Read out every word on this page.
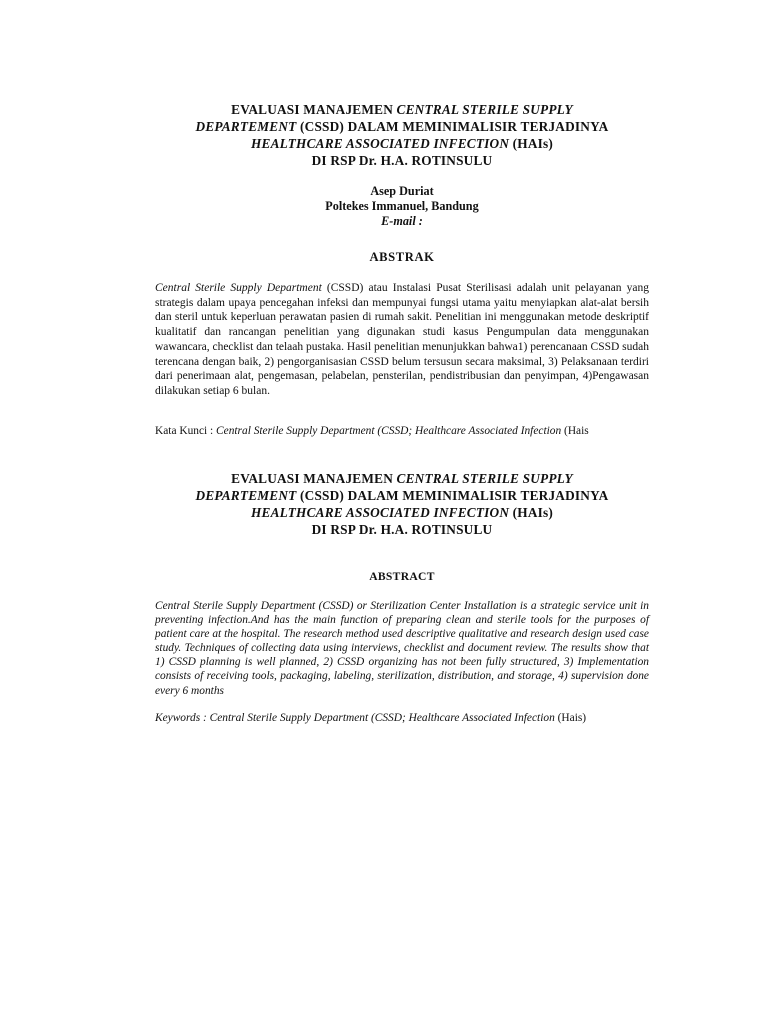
EVALUASI MANAJEMEN CENTRAL STERILE SUPPLY

DEPARTEMENT (CSSD) DALAM MEMINIMALISIR TERJADINYA

HEALTHCARE ASSOCIATED INFECTION (HAIs)

DI RSP Dr. H.A. ROTINSULU

Asep Duriat

Poltekes Immanuel, Bandung

E-mail :

ABSTRAK

Central Sterile Supply Department (CSSD) atau Instalasi Pusat Sterilisasi adalah unit pelayanan yang strategis dalam upaya pencegahan infeksi dan mempunyai fungsi utama yaitu menyiapkan alat-alat bersih dan steril untuk keperluan perawatan pasien di rumah sakit. Penelitian ini menggunakan metode deskriptif kualitatif dan rancangan penelitian yang digunakan studi kasus Pengumpulan data menggunakan wawancara, checklist dan telaah pustaka. Hasil penelitian menunjukkan bahwa1) perencanaan CSSD sudah terencana dengan baik, 2) pengorganisasian CSSD belum tersusun secara maksimal, 3) Pelaksanaan terdiri dari penerimaan alat, pengemasan, pelabelan, pensterilan, pendistribusian dan penyimpan, 4)Pengawasan dilakukan setiap 6 bulan.

Kata Kunci : Central Sterile Supply Department (CSSD; Healthcare Associated Infection (Hais

EVALUASI MANAJEMEN CENTRAL STERILE SUPPLY

DEPARTEMENT (CSSD) DALAM MEMINIMALISIR TERJADINYA

HEALTHCARE ASSOCIATED INFECTION (HAIs)

DI RSP Dr. H.A. ROTINSULU

ABSTRACT

Central Sterile Supply Department (CSSD) or Sterilization Center Installation is a strategic service unit in preventing infection.And has the main function of preparing clean and sterile tools for the purposes of patient care at the hospital. The research method used descriptive qualitative and research design used case study. Techniques of collecting data using interviews, checklist and document review. The results show that 1) CSSD planning is well planned, 2) CSSD organizing has not been fully structured, 3) Implementation consists of receiving tools, packaging, labeling, sterilization, distribution, and storage, 4) supervision done every 6 months

Keywords : Central Sterile Supply Department (CSSD; Healthcare Associated Infection (Hais)
